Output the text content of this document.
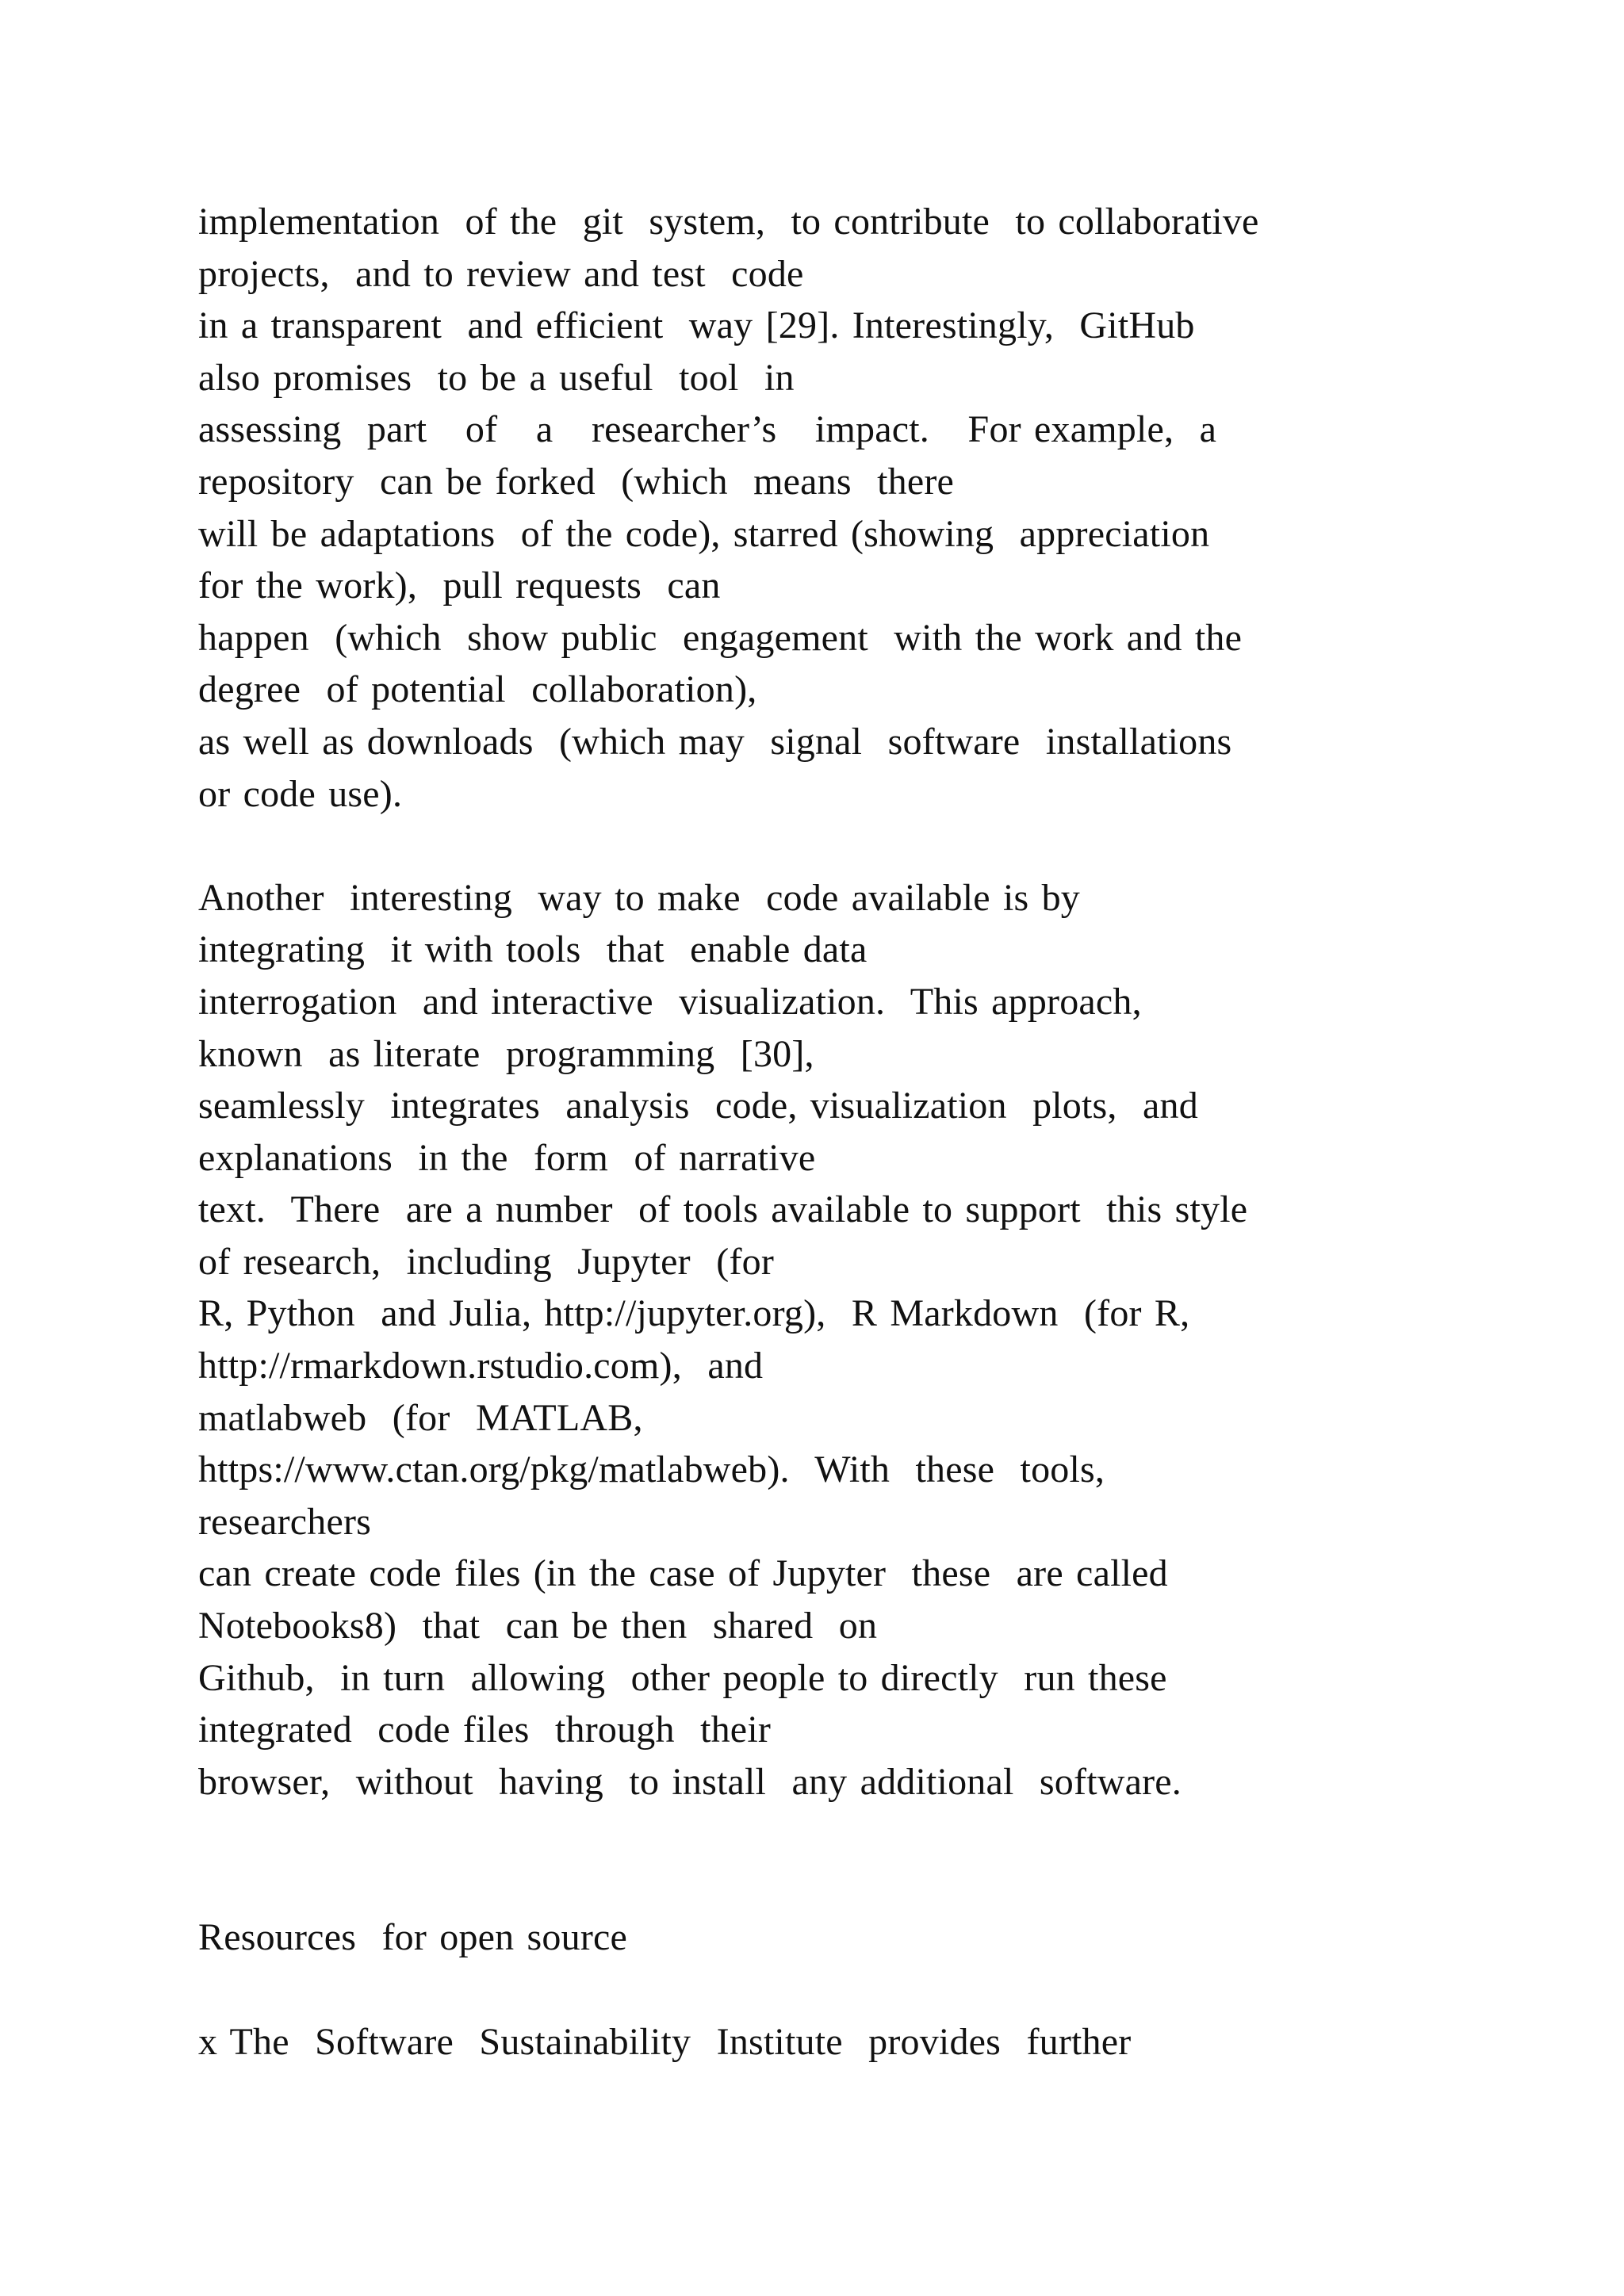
implementation  of the  git  system,  to contribute  to collaborative
projects,  and to review and test  code
in a transparent  and efficient  way [29]. Interestingly,  GitHub
also promises  to be a useful  tool  in
assessing  part   of   a   researcher’s   impact.   For example,  a
repository  can be forked  (which  means  there
will be adaptations  of the code), starred (showing  appreciation
for the work),  pull requests  can
happen  (which  show public  engagement  with the work and the
degree  of potential  collaboration),
as well as downloads  (which may  signal  software  installations
or code use).
Another  interesting  way to make  code available is by
integrating  it with tools  that  enable data
interrogation  and interactive  visualization.  This approach,
known  as literate  programming  [30],
seamlessly  integrates  analysis  code, visualization  plots,  and
explanations  in the  form  of narrative
text.  There  are a number  of tools available to support  this style
of research,  including  Jupyter  (for
R, Python  and Julia, http://jupyter.org),  R Markdown  (for R,
http://rmarkdown.rstudio.com),  and
matlabweb  (for  MATLAB,
https://www.ctan.org/pkg/matlabweb).  With  these  tools,
researchers
can create code files (in the case of Jupyter  these  are called
Notebooks8)  that  can be then  shared  on
Github,  in turn  allowing  other people to directly  run these
integrated  code files  through  their
browser,  without  having  to install  any additional  software.
Resources  for open source
x The  Software  Sustainability  Institute  provides  further
